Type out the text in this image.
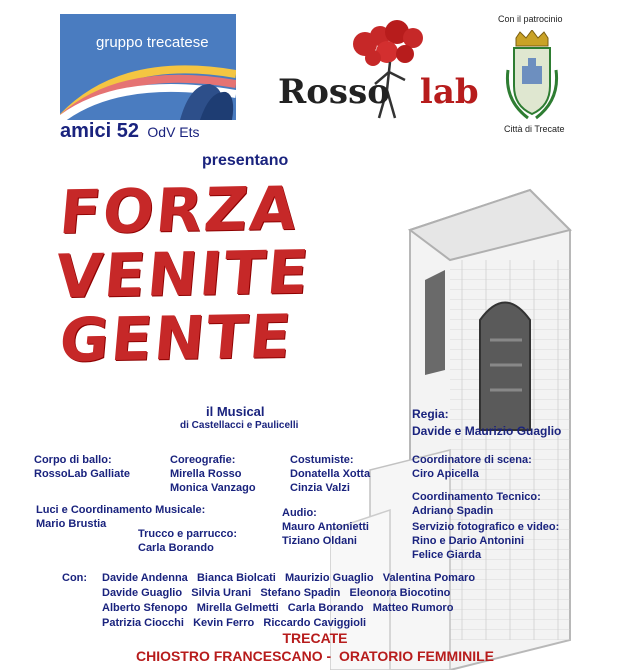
gruppo trecatese
amici 52 OdV Ets
Rosso lab
Con il patrocinio
Città di Trecate
presentano
FORZA
VENITE
GENTE
il Musical
di Castellacci e Paulicelli
Regia:
Davide e Maurizio Guaglio
Corpo di ballo:
RossoLab Galliate
Coreografie:
Mirella Rosso
Monica Vanzago
Costumiste:
Donatella Xotta
Cinzia Valzi
Coordinatore di scena:
Ciro Apicella
Coordinamento Tecnico:
Adriano Spadin
Luci e Coordinamento Musicale:
Mario Brustia
Audio:
Mauro Antonietti
Tiziano Oldani
Trucco e parrucco:
Carla Borando
Servizio fotografico e video:
Rino e Dario Antonini
Felice Giarda
Con: Davide Andenna   Bianca Biolcati   Maurizio Guaglio   Valentina Pomaro
Davide Guaglio   Silvia Urani   Stefano Spadin   Eleonora Biocotino
Alberto Sfenopo   Mirella Gelmetti   Carla Borando   Matteo Rumoro
Patrizia Ciocchi   Kevin Ferro   Riccardo Caviggioli
TRECATE
CHIOSTRO FRANCESCANO -  ORATORIO FEMMINILE
